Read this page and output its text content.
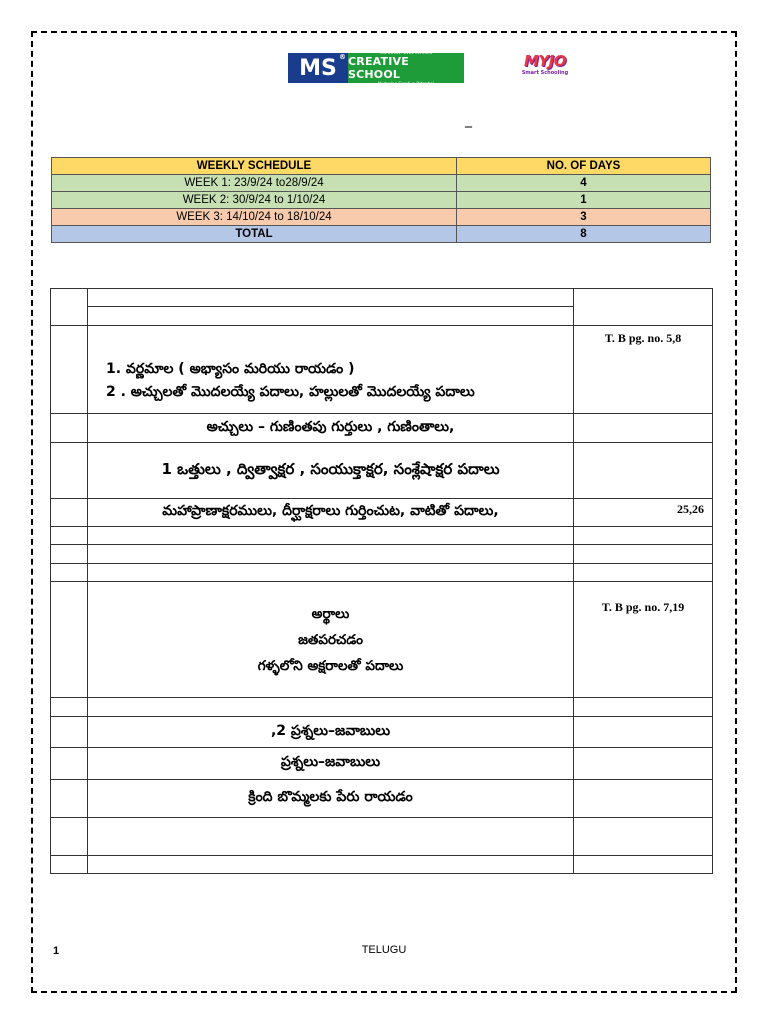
MS ®
ISO 21001: 2018 Certified
CREATIVE SCHOOL
Nurturing Creative Potential
MYJO
Smart Schooling
_
WEEKLY SCHEDULE	NO. OF DAYS
WEEK 1: 23/9/24 to28/9/24	4
WEEK 2: 30/9/24 to 1/10/24	1
WEEK 3: 14/10/24 to 18/10/24	3
TOTAL	8

	1. వర్ణమాల ( అభ్యాసం మరియు రాయడం )
2 . అచ్చులతో మొదలయ్యే పదాలు, హల్లులతో మొదలయ్యే పదాలు	T. B pg. no. 5,8
	అచ్చులు – గుణింతపు గుర్తులు , గుణింతాలు,	
	1 ఒత్తులు , ద్విత్వాక్షర , సంయుక్తాక్షర, సంశ్లేషాక్షర పదాలు	
	మహాప్రాణాక్షరములు, దీర్ఘాక్షరాలు గుర్తించుట, వాటితో పదాలు,	25,26

	అర్థాలు
జతపరచడం
గళ్ళలోని అక్షరాలతో పదాలు	T. B pg. no. 7,19

	,2 ప్రశ్నలు–జవాబులు	
	ప్రశ్నలు–జవాబులు	
	క్రింది బొమ్మలకు పేరు రాయడం	

1	TELUGU
